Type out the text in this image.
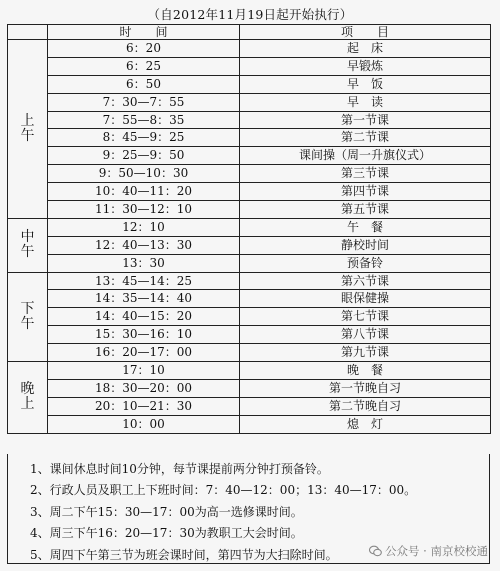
（自2012年11月19日起开始执行）
	时　　间	项　　目

上
午	6：20	起　床
	6：25	早锻炼
	6：50	早　饭
	7：30—7：55	早　读
	7：55—8：35	第一节课
	8：45—9：25	第二节课
	9：25—9：50	课间操（周一升旗仪式）
	9：50—10：30	第三节课
	10：40—11：20	第四节课
	11：30—12：10	第五节课

中
午	12：10	午　餐
	12：40—13：30	静校时间
	13：30	预备铃

下
午	13：45—14：25	第六节课
	14：35—14：40	眼保健操
	14：40—15：20	第七节课
	15：30—16：10	第八节课
	16：20—17：00	第九节课

晚
上	17：10	晚　餐
	18：30—20：00	第一节晚自习
	20：10—21：30	第二节晚自习
	10：00	熄　灯
1、课间休息时间10分钟，每节课提前两分钟打预备铃。
2、行政人员及职工上下班时间：7：40—12：00；13：40—17：00。
3、周二下午15：30—17：00为高一选修课时间。
4、周三下午16：20—17：30为教职工大会时间。
5、周四下午第三节为班会课时间，第四节为大扫除时间。	公众号 · 南京校校通
